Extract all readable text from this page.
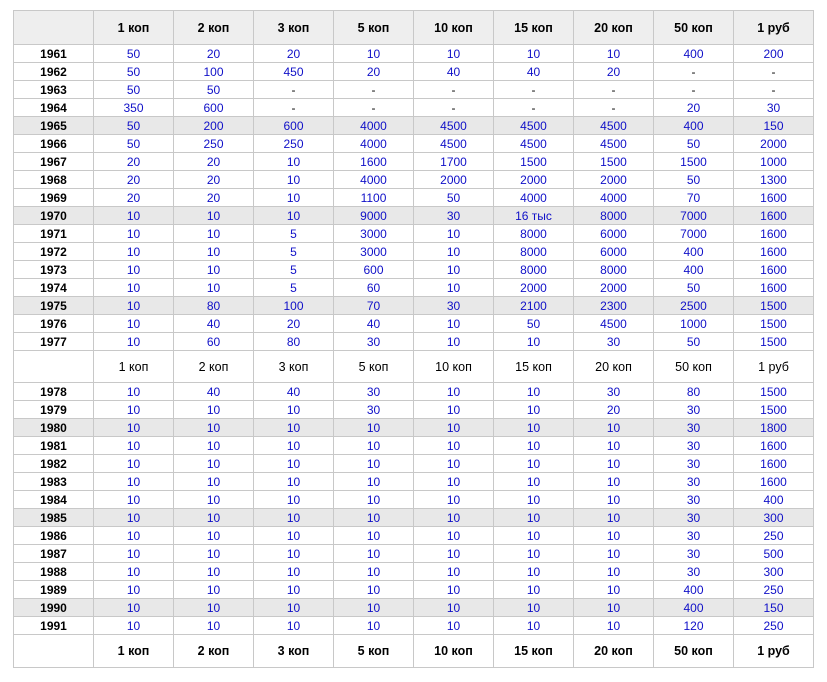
	1 коп	2 коп	3 коп	5 коп	10 коп	15 коп	20 коп	50 коп	1 руб
1961	50	20	20	10	10	10	10	400	200
1962	50	100	450	20	40	40	20	-	-
1963	50	50	-	-	-	-	-	-	-
1964	350	600	-	-	-	-	-	20	30
1965	50	200	600	4000	4500	4500	4500	400	150
1966	50	250	250	4000	4500	4500	4500	50	2000
1967	20	20	10	1600	1700	1500	1500	1500	1000
1968	20	20	10	4000	2000	2000	2000	50	1300
1969	20	20	10	1100	50	4000	4000	70	1600
1970	10	10	10	9000	30	16 тыс	8000	7000	1600
1971	10	10	5	3000	10	8000	6000	7000	1600
1972	10	10	5	3000	10	8000	6000	400	1600
1973	10	10	5	600	10	8000	8000	400	1600
1974	10	10	5	60	10	2000	2000	50	1600
1975	10	80	100	70	30	2100	2300	2500	1500
1976	10	40	20	40	10	50	4500	1000	1500
1977	10	60	80	30	10	10	30	50	1500
	1 коп	2 коп	3 коп	5 коп	10 коп	15 коп	20 коп	50 коп	1 руб
1978	10	40	40	30	10	10	30	80	1500
1979	10	10	10	30	10	10	20	30	1500
1980	10	10	10	10	10	10	10	30	1800
1981	10	10	10	10	10	10	10	30	1600
1982	10	10	10	10	10	10	10	30	1600
1983	10	10	10	10	10	10	10	30	1600
1984	10	10	10	10	10	10	10	30	400
1985	10	10	10	10	10	10	10	30	300
1986	10	10	10	10	10	10	10	30	250
1987	10	10	10	10	10	10	10	30	500
1988	10	10	10	10	10	10	10	30	300
1989	10	10	10	10	10	10	10	400	250
1990	10	10	10	10	10	10	10	400	150
1991	10	10	10	10	10	10	10	120	250
	1 коп	2 коп	3 коп	5 коп	10 коп	15 коп	20 коп	50 коп	1 руб
